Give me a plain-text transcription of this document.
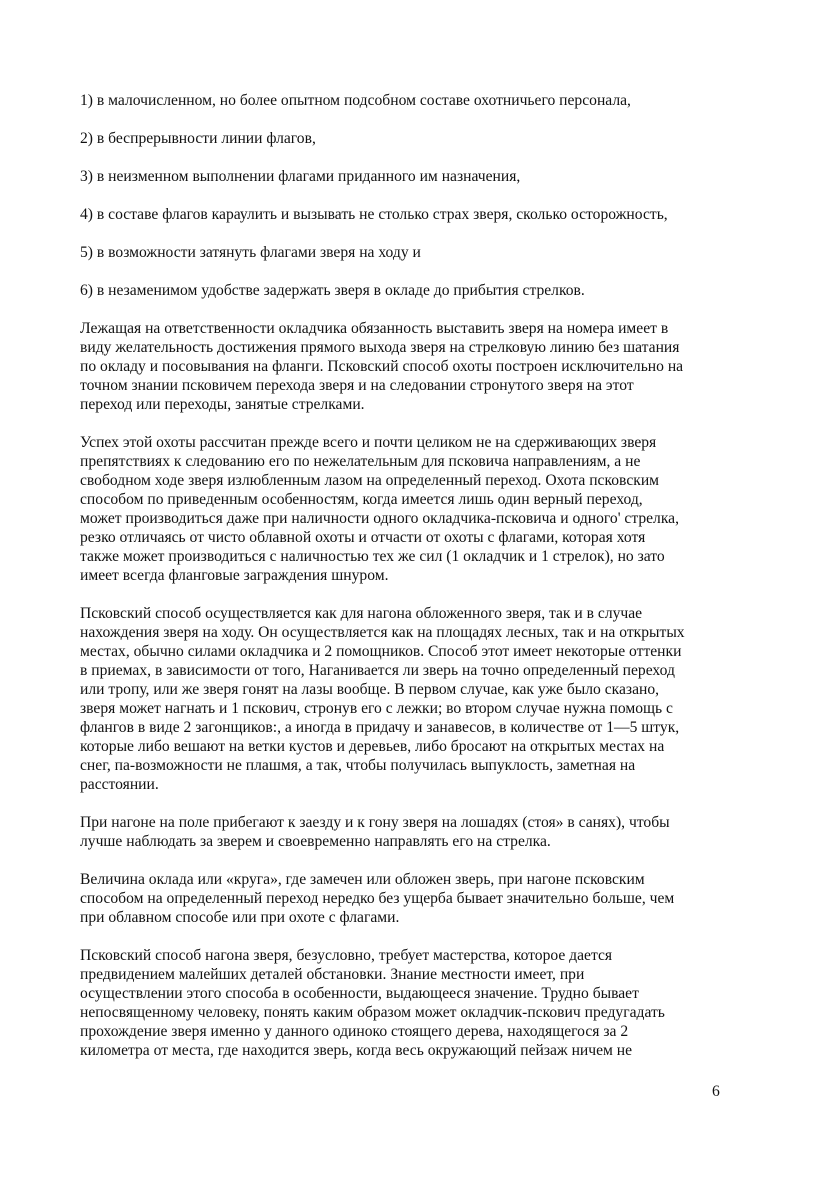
1) в малочисленном, но более опытном подсобном составе охотничьего персонала,
2) в беспрерывности линии флагов,
3) в неизменном выполнении флагами приданного им назначения,
4) в составе флагов караулить и вызывать не столько страх зверя, сколько осторожность,
5) в возможности затянуть флагами зверя на ходу и
6) в незаменимом удобстве задержать зверя в окладе до прибытия стрелков.
Лежащая на ответственности окладчика обязанность выставить зверя на номера имеет в
виду желательность достижения прямого выхода зверя на стрелковую линию без шатания
по окладу и посовывания на фланги. Псковский способ охоты построен исключительно на
точном знании псковичем перехода зверя и на следовании стронутого зверя на этот
переход или переходы, занятые стрелками.
Успех этой охоты рассчитан прежде всего и почти целиком не на сдерживающих зверя
препятствиях к следованию его по нежелательным для псковича направлениям, а не
свободном ходе зверя излюбленным лазом на определенный переход. Охота псковским
способом по приведенным особенностям, когда имеется лишь один верный переход,
может производиться даже при наличности одного окладчика-псковича и одного' стрелка,
резко отличаясь от чисто облавной охоты и отчасти от охоты с флагами, которая хотя
также может производиться с наличностью тех же сил (1 окладчик и 1 стрелок), но зато
имеет всегда фланговые заграждения шнуром.
Псковский способ осуществляется как для нагона обложенного зверя, так и в случае
нахождения зверя на ходу. Он осуществляется как на площадях лесных, так и на открытых
местах, обычно силами окладчика и 2 помощников. Способ этот имеет некоторые оттенки
в приемах, в зависимости от того, Наганивается ли зверь на точно определенный переход
или тропу, или же зверя гонят на лазы вообще. В первом случае, как уже было сказано,
зверя может нагнать и 1 пскович, стронув его с лежки; во втором случае нужна помощь с
флангов в виде 2 загонщиков:, а иногда в придачу и занавесов, в количестве от 1—5 штук,
которые либо вешают на ветки кустов и деревьев, либо бросают на открытых местах на
снег, па-возможности не плашмя, а так, чтобы получилась выпуклость, заметная на
расстоянии.
При нагоне на поле прибегают к заезду и к гону зверя на лошадях (стоя» в санях), чтобы
лучше наблюдать за зверем и своевременно направлять его на стрелка.
Величина оклада или «круга», где замечен или обложен зверь, при нагоне псковским
способом на определенный переход нередко без ущерба бывает значительно больше, чем
при облавном способе или при охоте с флагами.
Псковский способ нагона зверя, безусловно, требует мастерства, которое дается
предвидением малейших деталей обстановки. Знание местности имеет, при
осуществлении этого способа в особенности, выдающееся значение. Трудно бывает
непосвященному человеку, понять каким образом может окладчик-пскович предугадать
прохождение зверя именно у данного одиноко стоящего дерева, находящегося за 2
километра от места, где находится зверь, когда весь окружающий пейзаж ничем не
6
